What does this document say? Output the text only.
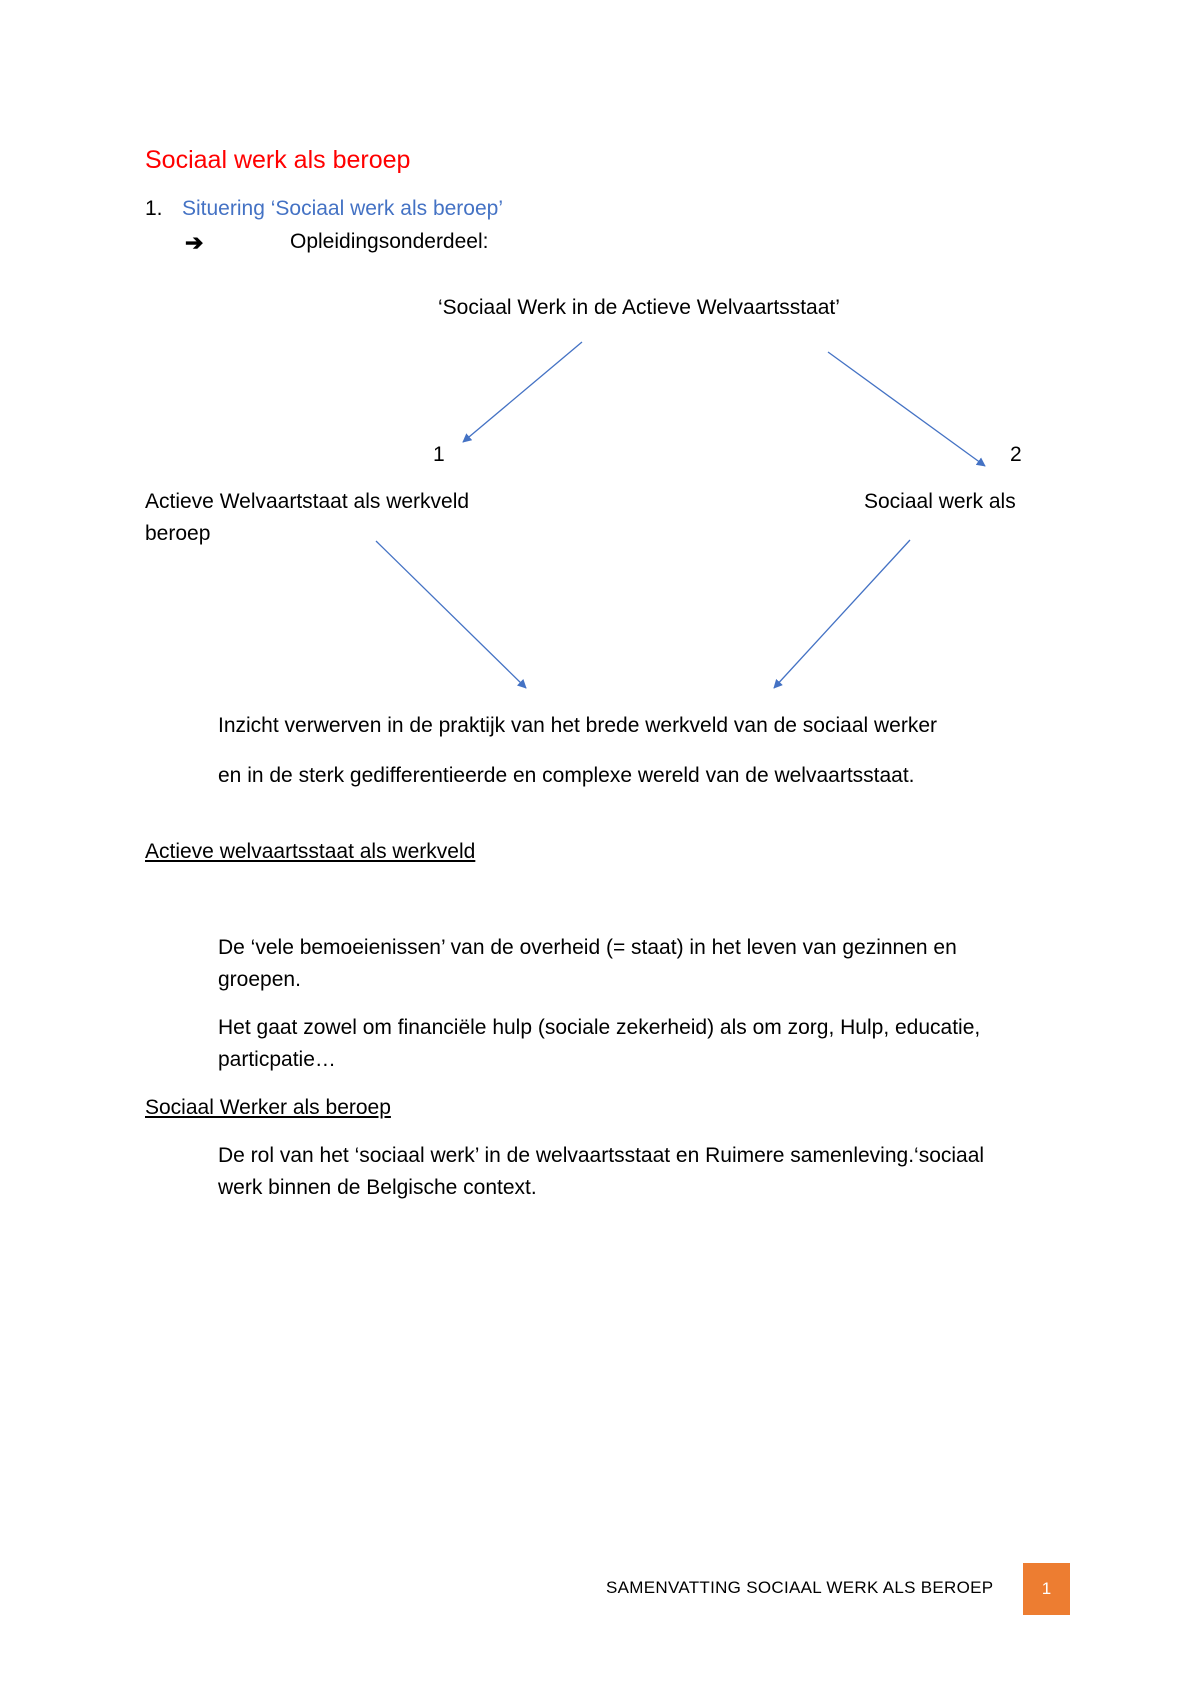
Sociaal werk als beroep
1. Situering ‘Sociaal werk als beroep’
➔	Opleidingsonderdeel:
‘Sociaal Werk in de Actieve Welvaartsstaat’
1	2
Actieve Welvaartstaat als werkveld
beroep
Sociaal werk als
Inzicht verwerven in de praktijk van het brede werkveld van de sociaal werker
en in de sterk gedifferentieerde en complexe wereld van de welvaartsstaat.
Actieve welvaartsstaat als werkveld
De ‘vele bemoeienissen’ van de overheid (= staat) in het leven van gezinnen en
groepen.
Het gaat zowel om financiële hulp (sociale zekerheid) als om zorg, Hulp, educatie,
particpatie…
Sociaal Werker als beroep
De rol van het ‘sociaal werk’ in de welvaartsstaat en Ruimere samenleving.‘sociaal
werk binnen de Belgische context.
SAMENVATTING SOCIAAL WERK ALS BEROEP	1
